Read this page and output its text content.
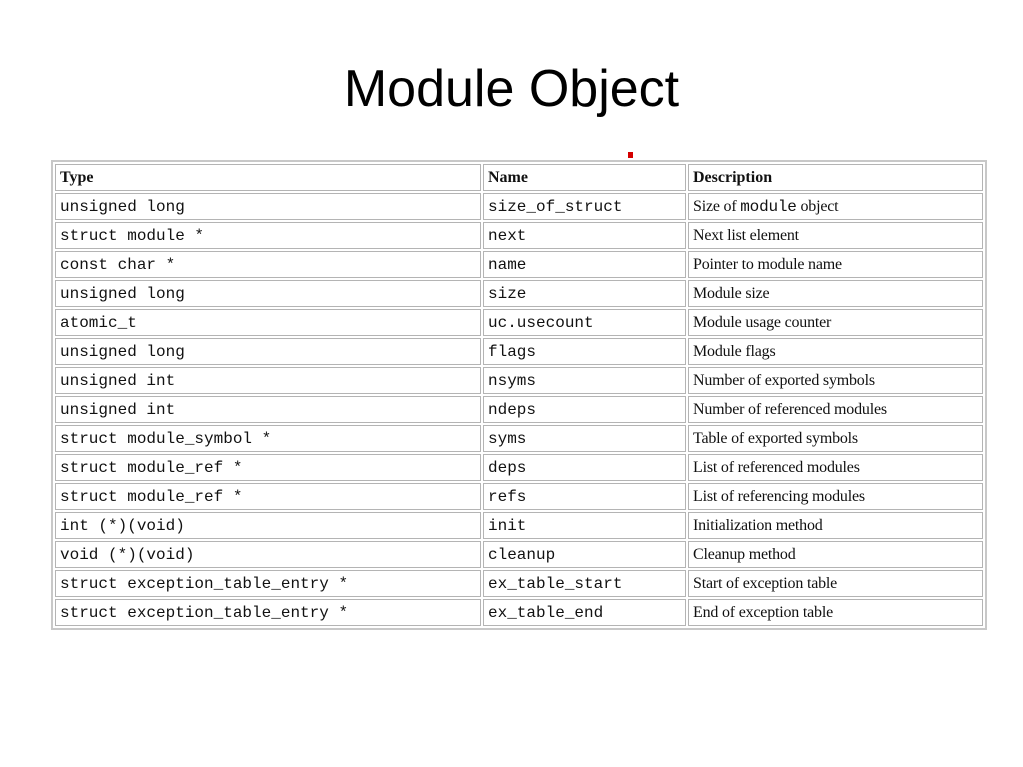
Module Object
Type	Name	Description
unsigned long	size_of_struct	Size of module object
struct module *	next	Next list element
const char *	name	Pointer to module name
unsigned long	size	Module size
atomic_t	uc.usecount	Module usage counter
unsigned long	flags	Module flags
unsigned int	nsyms	Number of exported symbols
unsigned int	ndeps	Number of referenced modules
struct module_symbol *	syms	Table of exported symbols
struct module_ref *	deps	List of referenced modules
struct module_ref *	refs	List of referencing modules
int (*)(void)	init	Initialization method
void (*)(void)	cleanup	Cleanup method
struct exception_table_entry *	ex_table_start	Start of exception table
struct exception_table_entry *	ex_table_end	End of exception table
